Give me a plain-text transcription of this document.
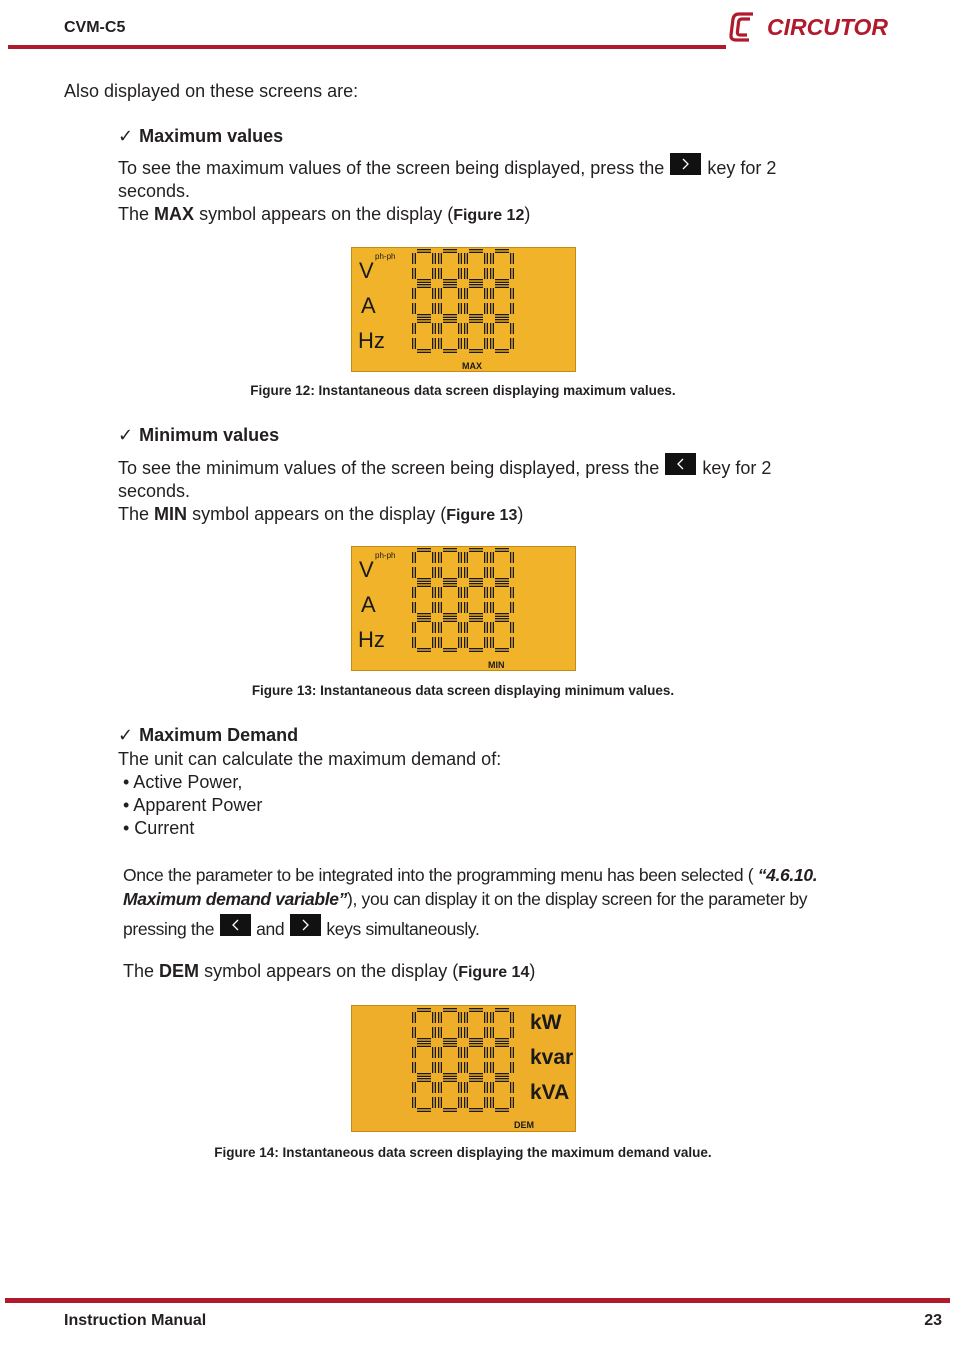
CVM-C5	CIRCUTOR
Also displayed on these screens are:
✓ Maximum values
To see the maximum values of the screen being displayed, press the key for 2
seconds.
The MAX symbol appears on the display (Figure 12)
V
ph-ph
A
Hz
MAX
Figure 12: Instantaneous data screen displaying maximum values.
✓ Minimum values
To see the minimum values of the screen being displayed, press the key for 2
seconds.
The MIN symbol appears on the display (Figure 13)
V
ph-ph
A
Hz
MIN
Figure 13: Instantaneous data screen displaying minimum values.
✓ Maximum Demand
The unit can calculate the maximum demand of:
• Active Power,
• Apparent Power
• Current
Once the parameter to be integrated into the programming menu has been selected ( “4.6.10.
Maximum demand variable”), you can display it on the display screen for the parameter by
pressing the and keys simultaneously.
The DEM symbol appears on the display (Figure 14)
kW
kvar
kVA
DEM
Figure 14: Instantaneous data screen displaying the maximum demand value.
Instruction Manual	23
